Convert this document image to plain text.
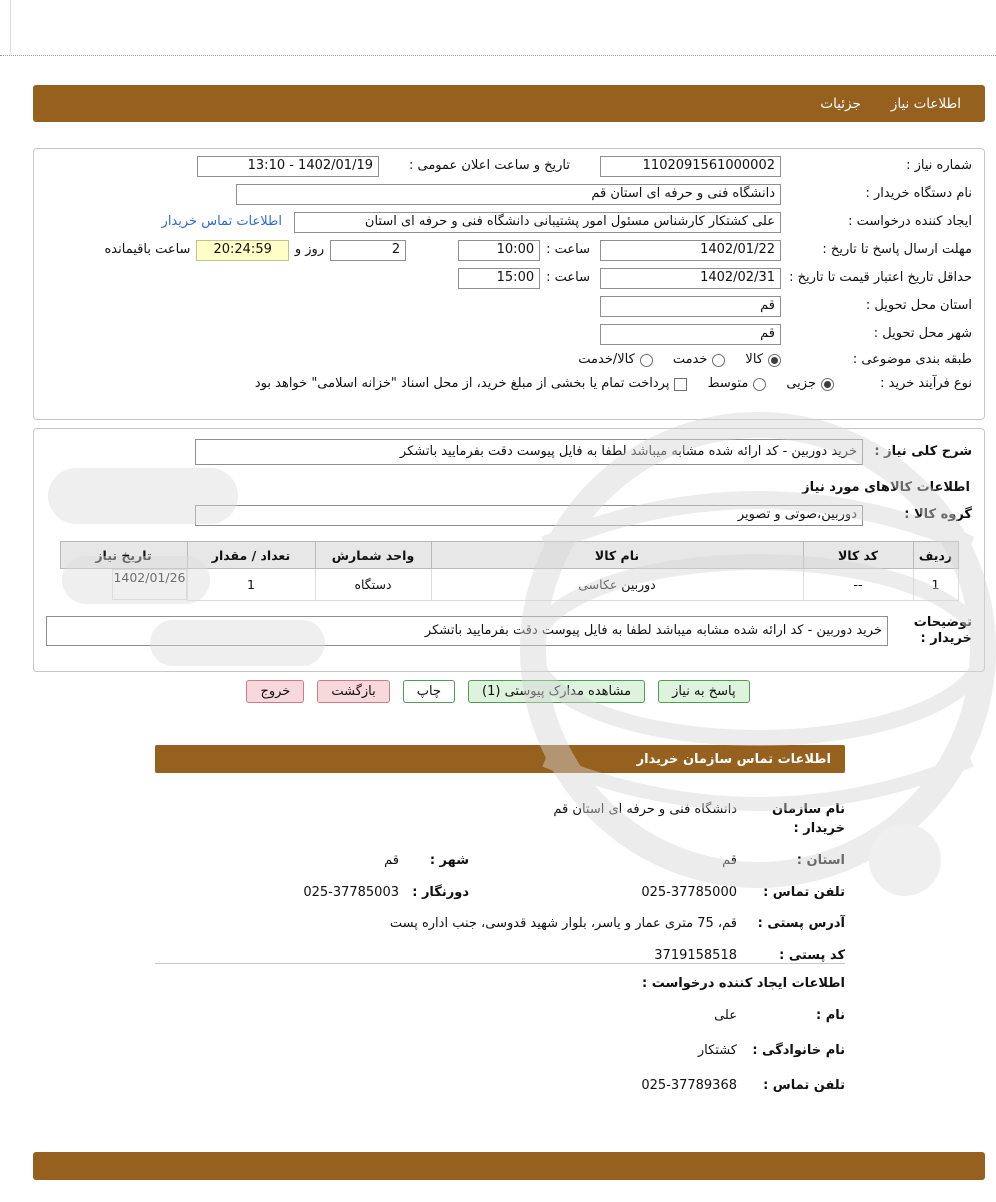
اطلاعات نیاز
جزئیات
شماره نیاز :
1102091561000002
تاریخ و ساعت اعلان عمومی :
13:10 - 1402/01/19
نام دستگاه خریدار :
دانشگاه فنی و حرفه ای استان قم
ایجاد کننده درخواست :
علی کشتکار کارشناس مسئول امور پشتیبانی دانشگاه فنی و حرفه ای استان
اطلاعات تماس خریدار
مهلت ارسال پاسخ تا تاریخ :
1402/01/22
ساعت :
10:00
2
روز و
20:24:59
ساعت باقیمانده
حداقل تاریخ اعتبار قیمت تا تاریخ :
1402/02/31
ساعت :
15:00
استان محل تحویل :
قم
شهر محل تحویل :
قم
طبقه بندی موضوعی :
کالا
خدمت
کالا/خدمت
نوع فرآیند خرید :
جزیی
متوسط
پرداخت تمام یا بخشی از مبلغ خرید، از محل اسناد "خزانه اسلامی" خواهد بود
شرح کلی نیاز :
خرید دوربین - کد ارائه شده مشابه میباشد لطفا به فایل پیوست دقت بفرمایید باتشکر
اطلاعات کالاهای مورد نیاز
گروه کالا :
دوربین،صوتی و تصویر
ردیف	کد کالا	نام کالا	واحد شمارش	تعداد / مقدار	تاریخ نیاز
1	--	دوربین عکاسی	دستگاه	1	1402/01/26
توضیحات خریدار :
خرید دوربین - کد ارائه شده مشابه میباشد لطفا به فایل پیوست دقت بفرمایید باتشکر
پاسخ به نیاز
مشاهده مدارک پیوستی (1)
چاپ
بازگشت
خروج
اطلاعات تماس سازمان خریدار
نام سازمان خریدار :
دانشگاه فنی و حرفه ای استان قم
استان :
قم
شهر :
قم
تلفن تماس :
025-37785000
دورنگار :
025-37785003
آدرس پستی :
قم، 75 متری عمار و یاسر، بلوار شهید قدوسی، جنب اداره پست
کد پستی :
3719158518
اطلاعات ایجاد کننده درخواست :
نام :
علی
نام خانوادگی :
کشتکار
تلفن تماس :
025-37789368
